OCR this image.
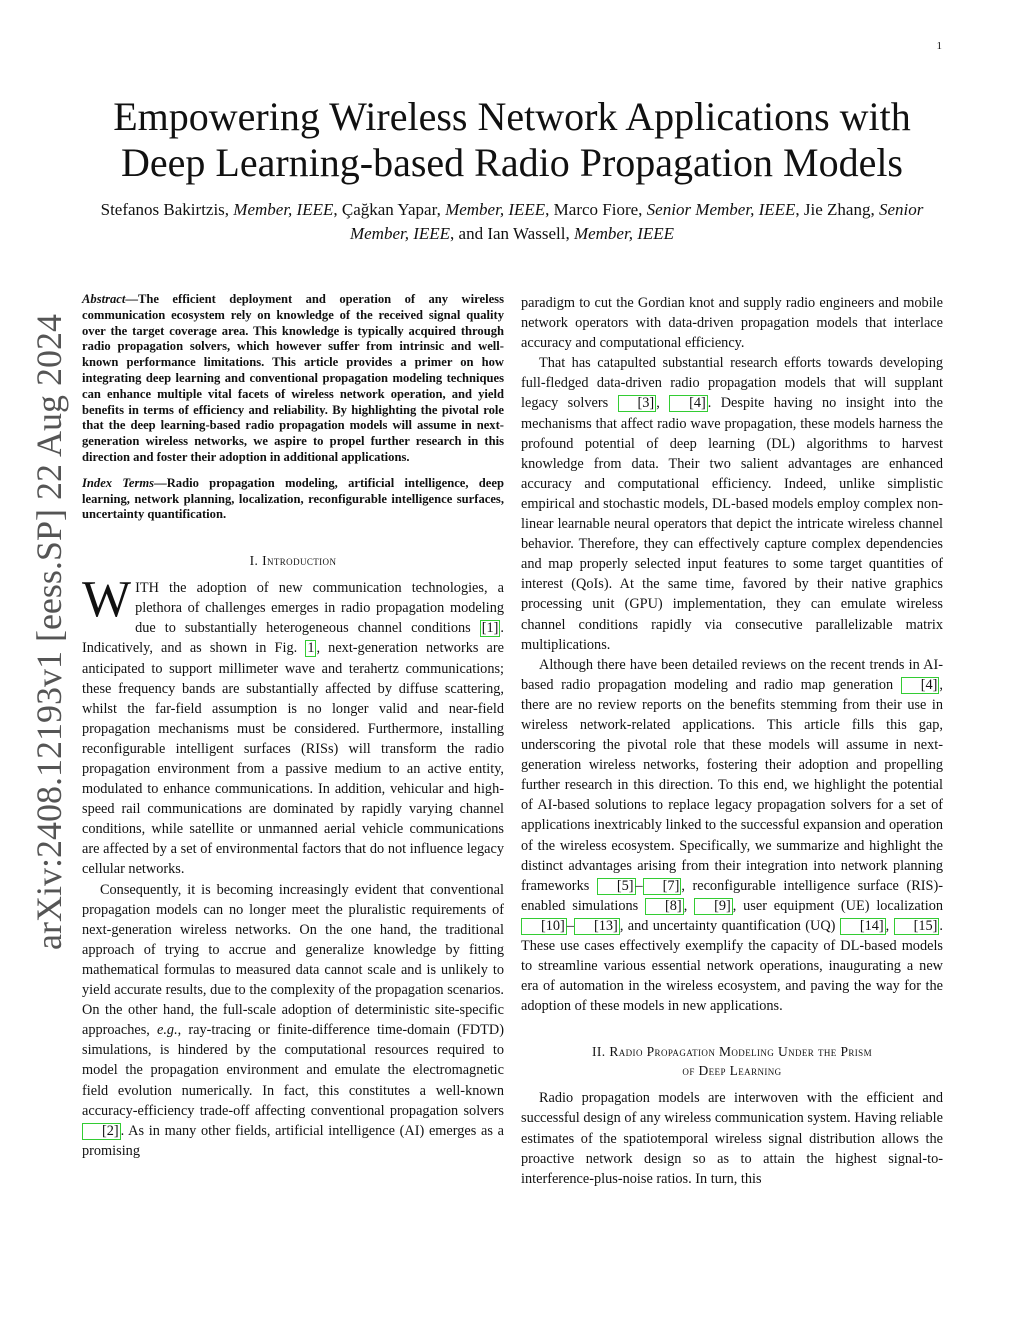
1
arXiv:2408.12193v1 [eess.SP] 22 Aug 2024
Empowering Wireless Network Applications with Deep Learning-based Radio Propagation Models

Stefanos Bakirtzis, Member, IEEE, Çağkan Yapar, Member, IEEE, Marco Fiore, Senior Member, IEEE, Jie Zhang, Senior Member, IEEE, and Ian Wassell, Member, IEEE

Abstract—The efficient deployment and operation of any wireless communication ecosystem rely on knowledge of the received signal quality over the target coverage area. This knowledge is typically acquired through radio propagation solvers, which however suffer from intrinsic and well-known performance limitations. This article provides a primer on how integrating deep learning and conventional propagation modeling techniques can enhance multiple vital facets of wireless network operation, and yield benefits in terms of efficiency and reliability. By highlighting the pivotal role that the deep learning-based radio propagation models will assume in next-generation wireless networks, we aspire to propel further research in this direction and foster their adoption in additional applications.

Index Terms—Radio propagation modeling, artificial intelligence, deep learning, network planning, localization, reconfigurable intelligence surfaces, uncertainty quantification.

I. Introduction

WITH the adoption of new communication technologies, a plethora of challenges emerges in radio propagation modeling due to substantially heterogeneous channel conditions [1] . Indicatively, and as shown in Fig. 1 , next-generation networks are anticipated to support millimeter wave and terahertz communications; these frequency bands are substantially affected by diffuse scattering, whilst the far-field assumption is no longer valid and near-field propagation mechanisms must be considered. Furthermore, installing reconfigurable intelligent surfaces (RISs) will transform the radio propagation environment from a passive medium to an active entity, modulated to enhance communications. In addition, vehicular and high-speed rail communications are dominated by rapidly varying channel conditions, while satellite or unmanned aerial vehicle communications are affected by a set of environmental factors that do not influence legacy cellular networks.

Consequently, it is becoming increasingly evident that conventional propagation models can no longer meet the pluralistic requirements of next-generation wireless networks. On the one hand, the traditional approach of trying to accrue and generalize knowledge by fitting mathematical formulas to measured data cannot scale and is unlikely to yield accurate results, due to the complexity of the propagation scenarios. On the other hand, the full-scale adoption of deterministic site-specific approaches, e.g., ray-tracing or finite-difference time-domain (FDTD) simulations, is hindered by the computational resources required to model the propagation environment and emulate the electromagnetic field evolution numerically. In fact, this constitutes a well-known accuracy-efficiency trade-off affecting conventional propagation solvers [2] . As in many other fields, artificial intelligence (AI) emerges as a promising

paradigm to cut the Gordian knot and supply radio engineers and mobile network operators with data-driven propagation models that interlace accuracy and computational efficiency.

That has catapulted substantial research efforts towards developing full-fledged data-driven radio propagation models that will supplant legacy solvers [3] , [4] . Despite having no insight into the mechanisms that affect radio wave propagation, these models harness the profound potential of deep learning (DL) algorithms to harvest knowledge from data. Their two salient advantages are enhanced accuracy and computational efficiency. Indeed, unlike simplistic empirical and stochastic models, DL-based models employ complex non-linear learnable neural operators that depict the intricate wireless channel behavior. Therefore, they can effectively capture complex dependencies and map properly selected input features to some target quantities of interest (QoIs). At the same time, favored by their native graphics processing unit (GPU) implementation, they can emulate wireless channel conditions rapidly via consecutive parallelizable matrix multiplications.

Although there have been detailed reviews on the recent trends in AI-based radio propagation modeling and radio map generation [4] , there are no review reports on the benefits stemming from their use in wireless network-related applications. This article fills this gap, underscoring the pivotal role that these models will assume in next-generation wireless networks, fostering their adoption and propelling further research in this direction. To this end, we highlight the potential of AI-based solutions to replace legacy propagation solvers for a set of applications inextricably linked to the successful expansion and operation of the wireless ecosystem. Specifically, we summarize and highlight the distinct advantages arising from their integration into network planning frameworks [5] – [7] , reconfigurable intelligence surface (RIS)-enabled simulations [8] , [9] , user equipment (UE) localization [10] – [13] , and uncertainty quantification (UQ) [14] , [15] . These use cases effectively exemplify the capacity of DL-based models to streamline various essential network operations, inaugurating a new era of automation in the wireless ecosystem, and paving the way for the adoption of these models in new applications.

II. Radio Propagation Modeling Under the Prism
of Deep Learning

Radio propagation models are interwoven with the efficient and successful design of any wireless communication system. Having reliable estimates of the spatiotemporal wireless signal distribution allows the proactive network design so as to attain the highest signal-to-interference-plus-noise ratios. In turn, this
